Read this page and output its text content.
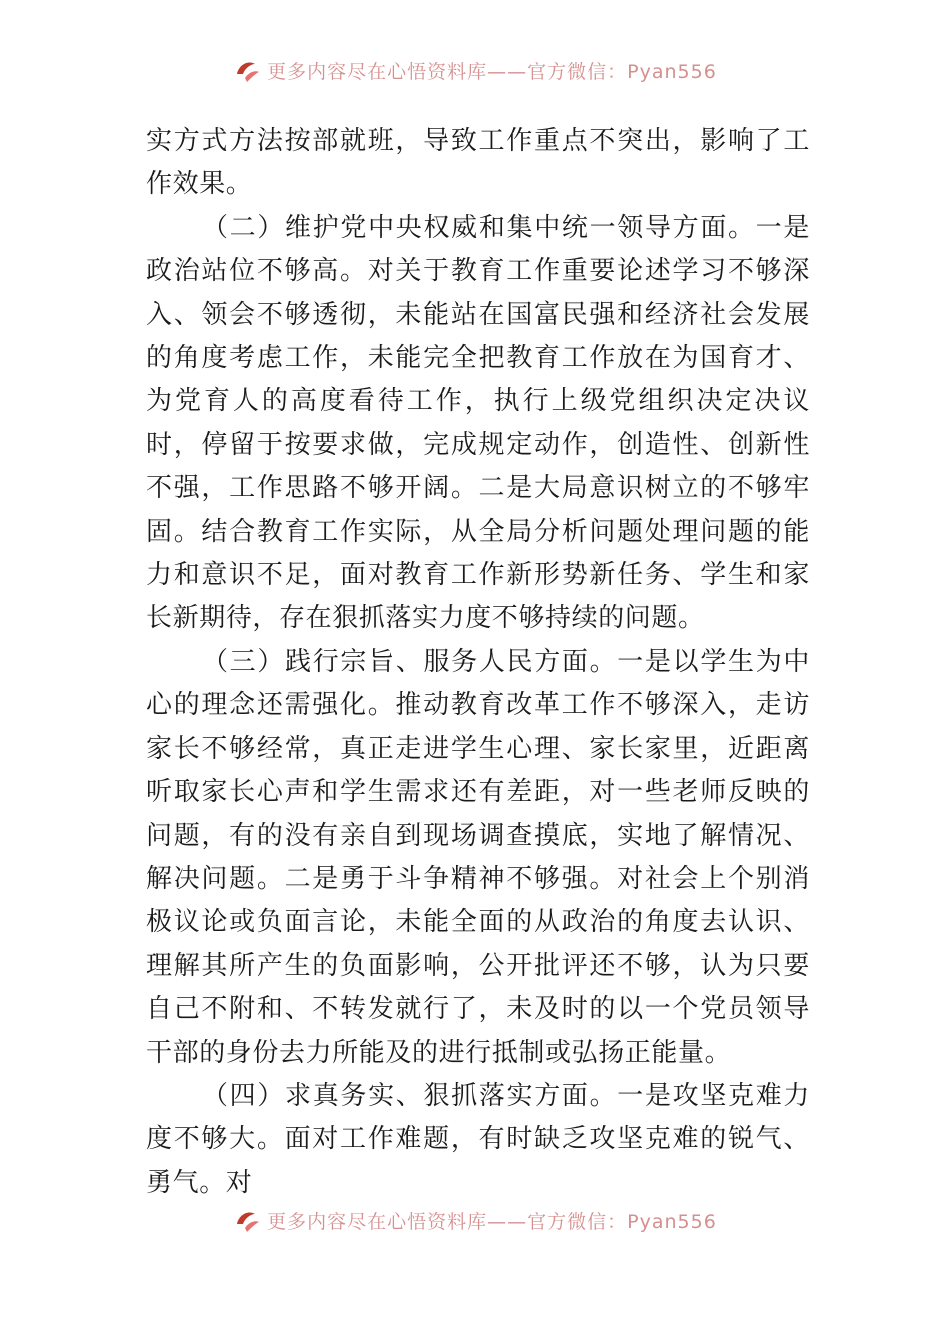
更多内容尽在心悟资料库——官方微信：Pyan556

实方式方法按部就班，导致工作重点不突出，影响了工作效果。

（二）维护党中央权威和集中统一领导方面。一是政治站位不够高。对关于教育工作重要论述学习不够深入、领会不够透彻，未能站在国富民强和经济社会发展的角度考虑工作，未能完全把教育工作放在为国育才、为党育人的高度看待工作，执行上级党组织决定决议时，停留于按要求做，完成规定动作，创造性、创新性不强，工作思路不够开阔。二是大局意识树立的不够牢固。结合教育工作实际，从全局分析问题处理问题的能力和意识不足，面对教育工作新形势新任务、学生和家长新期待，存在狠抓落实力度不够持续的问题。

（三）践行宗旨、服务人民方面。一是以学生为中心的理念还需强化。推动教育改革工作不够深入，走访家长不够经常，真正走进学生心理、家长家里，近距离听取家长心声和学生需求还有差距，对一些老师反映的问题，有的没有亲自到现场调查摸底，实地了解情况、解决问题。二是勇于斗争精神不够强。对社会上个别消极议论或负面言论，未能全面的从政治的角度去认识、理解其所产生的负面影响，公开批评还不够，认为只要自己不附和、不转发就行了，未及时的以一个党员领导干部的身份去力所能及的进行抵制或弘扬正能量。

（四）求真务实、狠抓落实方面。一是攻坚克难力度不够大。面对工作难题，有时缺乏攻坚克难的锐气、勇气。对

更多内容尽在心悟资料库——官方微信：Pyan556
